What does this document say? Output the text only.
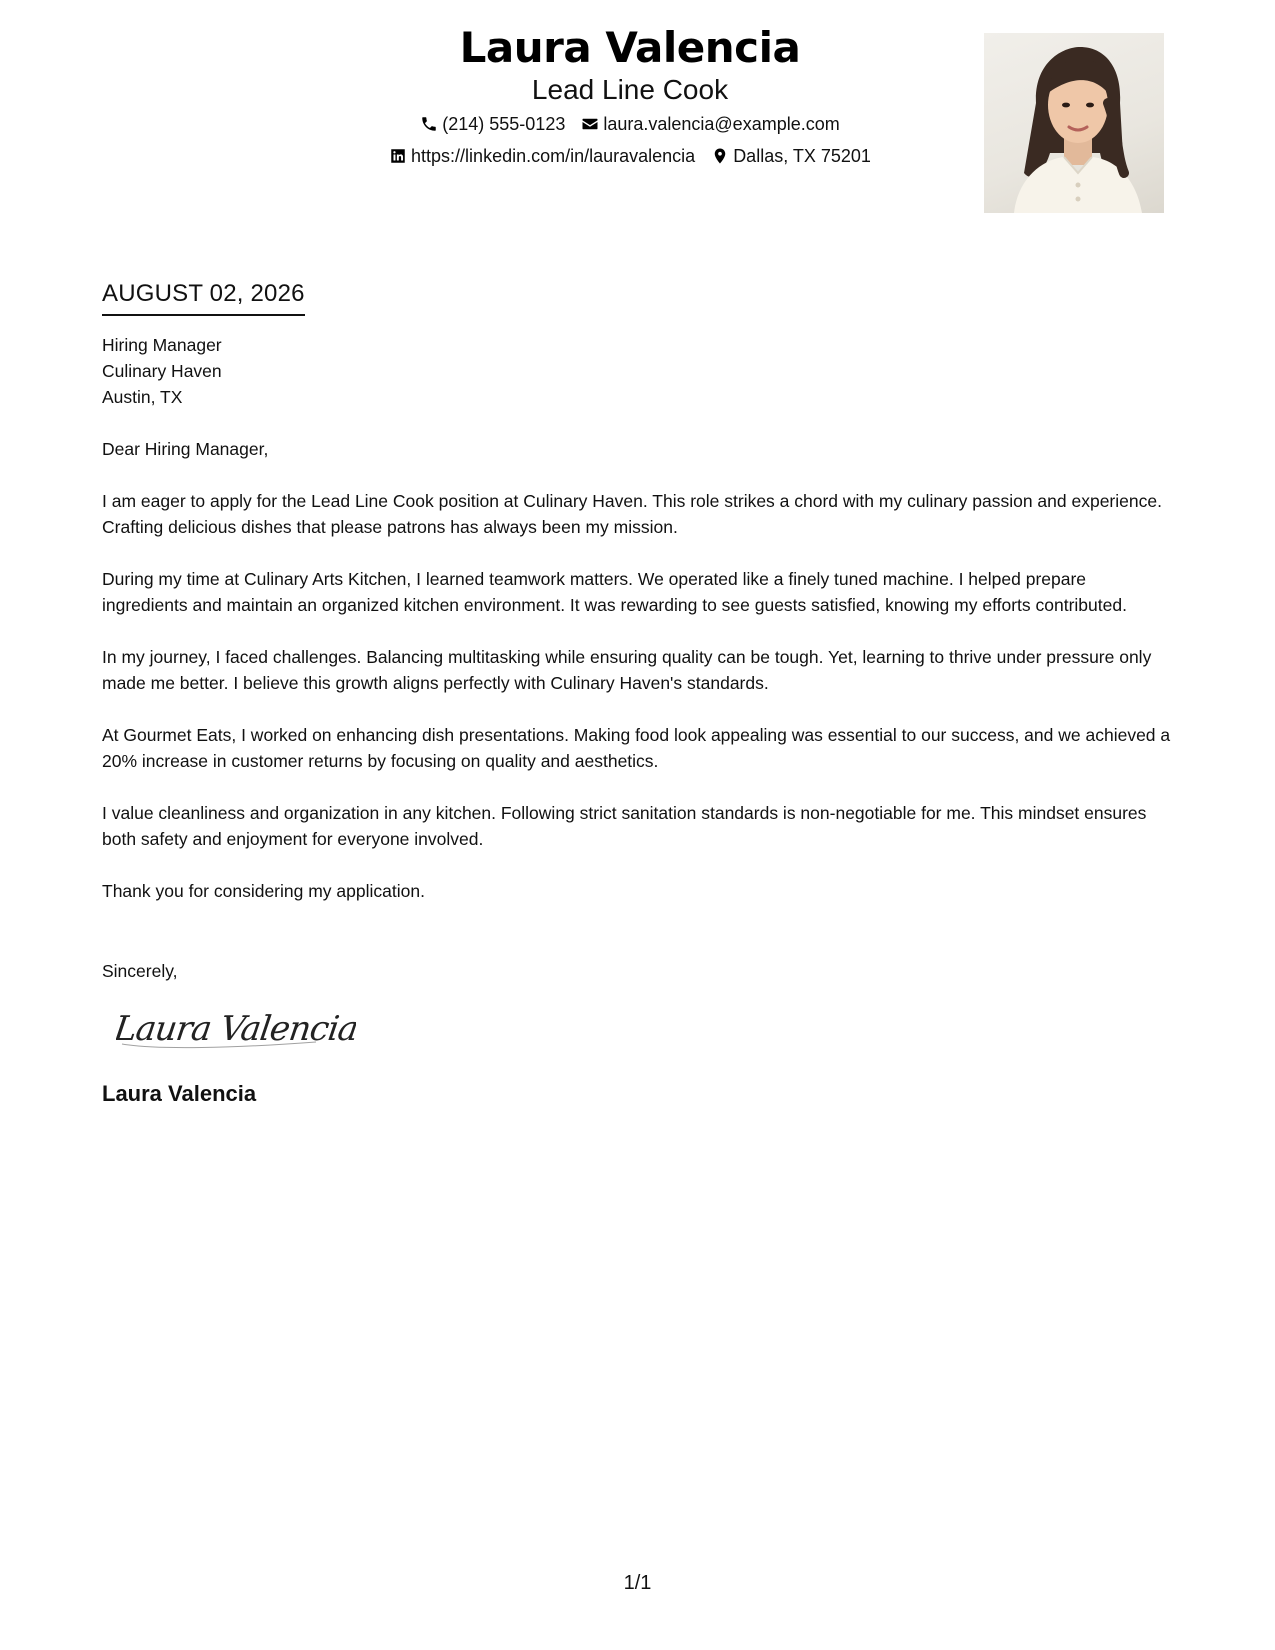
Laura Valencia
Lead Line Cook
(214) 555-0123 laura.valencia@example.com
https://linkedin.com/in/lauravalencia Dallas, TX 75201
AUGUST 02, 2026
Hiring Manager
Culinary Haven
Austin, TX
Dear Hiring Manager,

I am eager to apply for the Lead Line Cook position at Culinary Haven. This role strikes a chord with my culinary passion and experience. Crafting delicious dishes that please patrons has always been my mission.

During my time at Culinary Arts Kitchen, I learned teamwork matters. We operated like a finely tuned machine. I helped prepare ingredients and maintain an organized kitchen environment. It was rewarding to see guests satisfied, knowing my efforts contributed.

In my journey, I faced challenges. Balancing multitasking while ensuring quality can be tough. Yet, learning to thrive under pressure only made me better. I believe this growth aligns perfectly with Culinary Haven's standards.

At Gourmet Eats, I worked on enhancing dish presentations. Making food look appealing was essential to our success, and we achieved a 20% increase in customer returns by focusing on quality and aesthetics.

I value cleanliness and organization in any kitchen. Following strict sanitation standards is non-negotiable for me. This mindset ensures both safety and enjoyment for everyone involved.

Thank you for considering my application.

Sincerely,
Laura Valencia
Laura Valencia
1/1
